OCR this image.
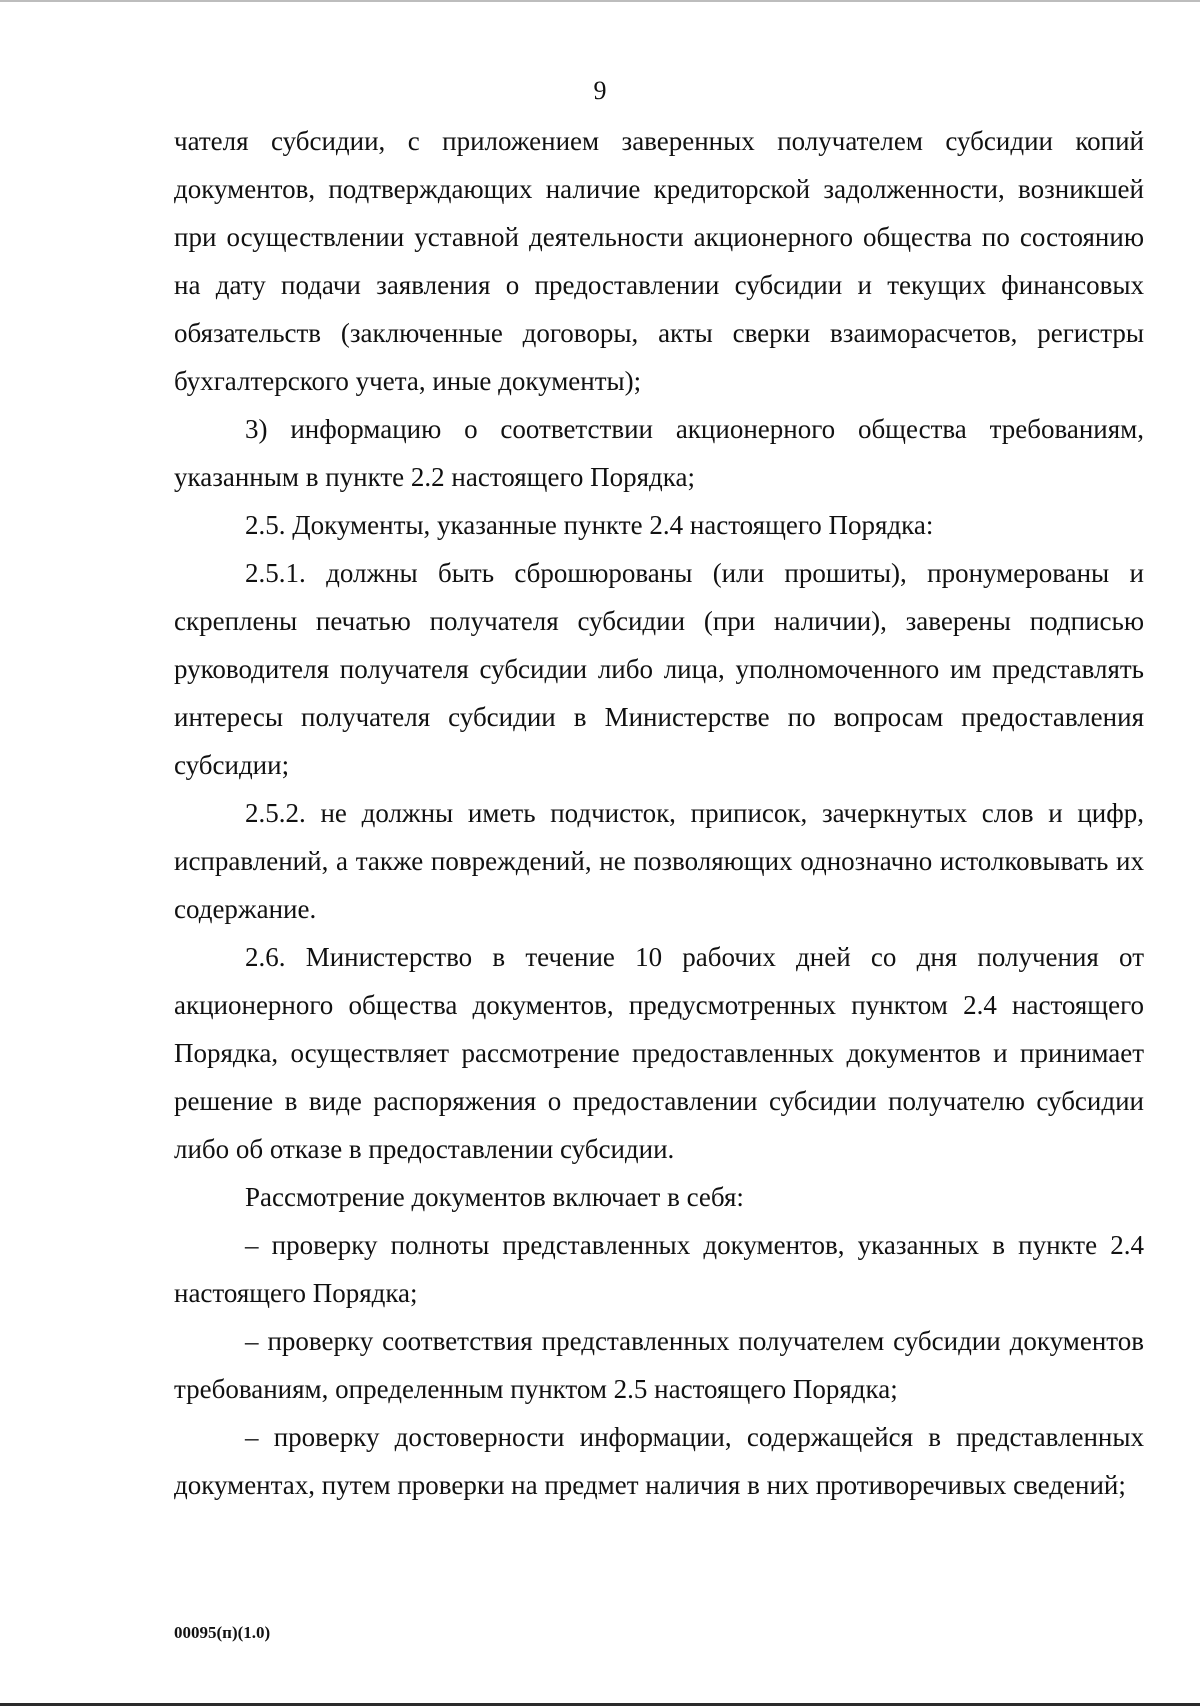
9

чателя субсидии, с приложением заверенных получателем субсидии копий документов, подтверждающих наличие кредиторской задолженности, возникшей при осуществлении уставной деятельности акционерного общества по состоянию на дату подачи заявления о предоставлении субсидии и текущих финансовых обязательств (заключенные договоры, акты сверки взаиморасчетов, регистры бухгалтерского учета, иные документы);

3) информацию о соответствии акционерного общества требованиям, указанным в пункте 2.2 настоящего Порядка;

2.5. Документы, указанные пункте 2.4 настоящего Порядка:

2.5.1. должны быть сброшюрованы (или прошиты), пронумерованы и скреплены печатью получателя субсидии (при наличии), заверены подписью руководителя получателя субсидии либо лица, уполномоченного им представлять интересы получателя субсидии в Министерстве по вопросам предоставления субсидии;

2.5.2. не должны иметь подчисток, приписок, зачеркнутых слов и цифр, исправлений, а также повреждений, не позволяющих однозначно истолковывать их содержание.

2.6. Министерство в течение 10 рабочих дней со дня получения от акционерного общества документов, предусмотренных пунктом 2.4 настоящего Порядка, осуществляет рассмотрение предоставленных документов и принимает решение в виде распоряжения о предоставлении субсидии получателю субсидии либо об отказе в предоставлении субсидии.

Рассмотрение документов включает в себя:

– проверку полноты представленных документов, указанных в пункте 2.4 настоящего Порядка;

– проверку соответствия представленных получателем субсидии документов требованиям, определенным пунктом 2.5 настоящего Порядка;

– проверку достоверности информации, содержащейся в представленных документах, путем проверки на предмет наличия в них противоречивых сведений;

00095(п)(1.0)
